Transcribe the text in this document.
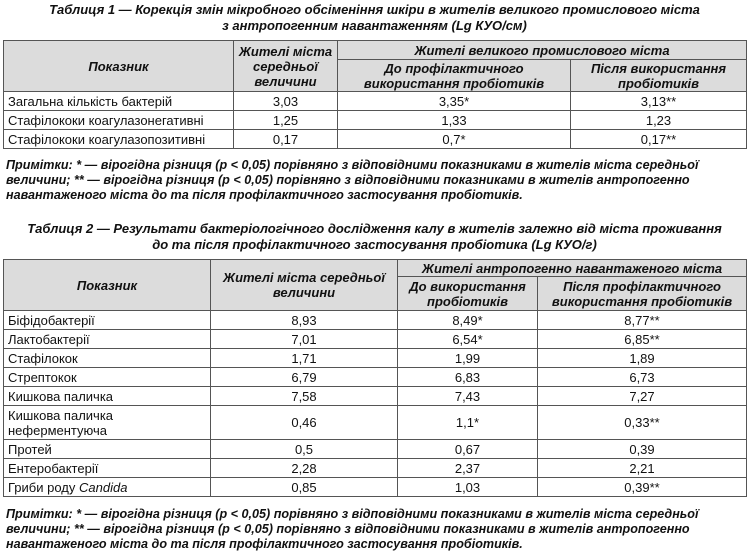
Таблиця 1 — Корекція змін мікробного обсіменіння шкіри в жителів великого промислового міста
з антропогенним навантаженням (Lg КУО/см)
Показник	Жителі міста середньої величини	Жителі великого промислового міста	
		До профілактичного використання пробіотиків	Після використання пробіотиків
Загальна кількість бактерій	3,03	3,35*	3,13**
Стафілококи коагулазонегативні	1,25	1,33	1,23
Стафілококи коагулазопозитивні	0,17	0,7*	0,17**
Примітки: * — вірогідна різниця (р < 0,05) порівняно з відповідними показниками в жителів міста середньої величини; ** — вірогідна різниця (р < 0,05) порівняно з відповідними показниками в жителів антропогенно навантаженого міста до та після профілактичного застосування пробіотиків.
Таблиця 2 — Результати бактеріологічного дослідження калу в жителів залежно від міста проживання
до та після профілактичного застосування пробіотика (Lg КУО/г)
Показник	Жителі міста середньої величини	Жителі антропогенно навантаженого міста	
		До використання пробіотиків	Після профілактичного використання пробіотиків
Біфідобактерії	8,93	8,49*	8,77**
Лактобактерії	7,01	6,54*	6,85**
Стафілокок	1,71	1,99	1,89
Стрептокок	6,79	6,83	6,73
Кишкова паличка	7,58	7,43	7,27
Кишкова паличка неферментуюча	0,46	1,1*	0,33**
Протей	0,5	0,67	0,39
Ентеробактерії	2,28	2,37	2,21
Гриби роду Candida	0,85	1,03	0,39**
Примітки: * — вірогідна різниця (р < 0,05) порівняно з відповідними показниками в жителів міста середньої величини; ** — вірогідна різниця (р < 0,05) порівняно з відповідними показниками в жителів антропогенно навантаженого міста до та після профілактичного застосування пробіотиків.
